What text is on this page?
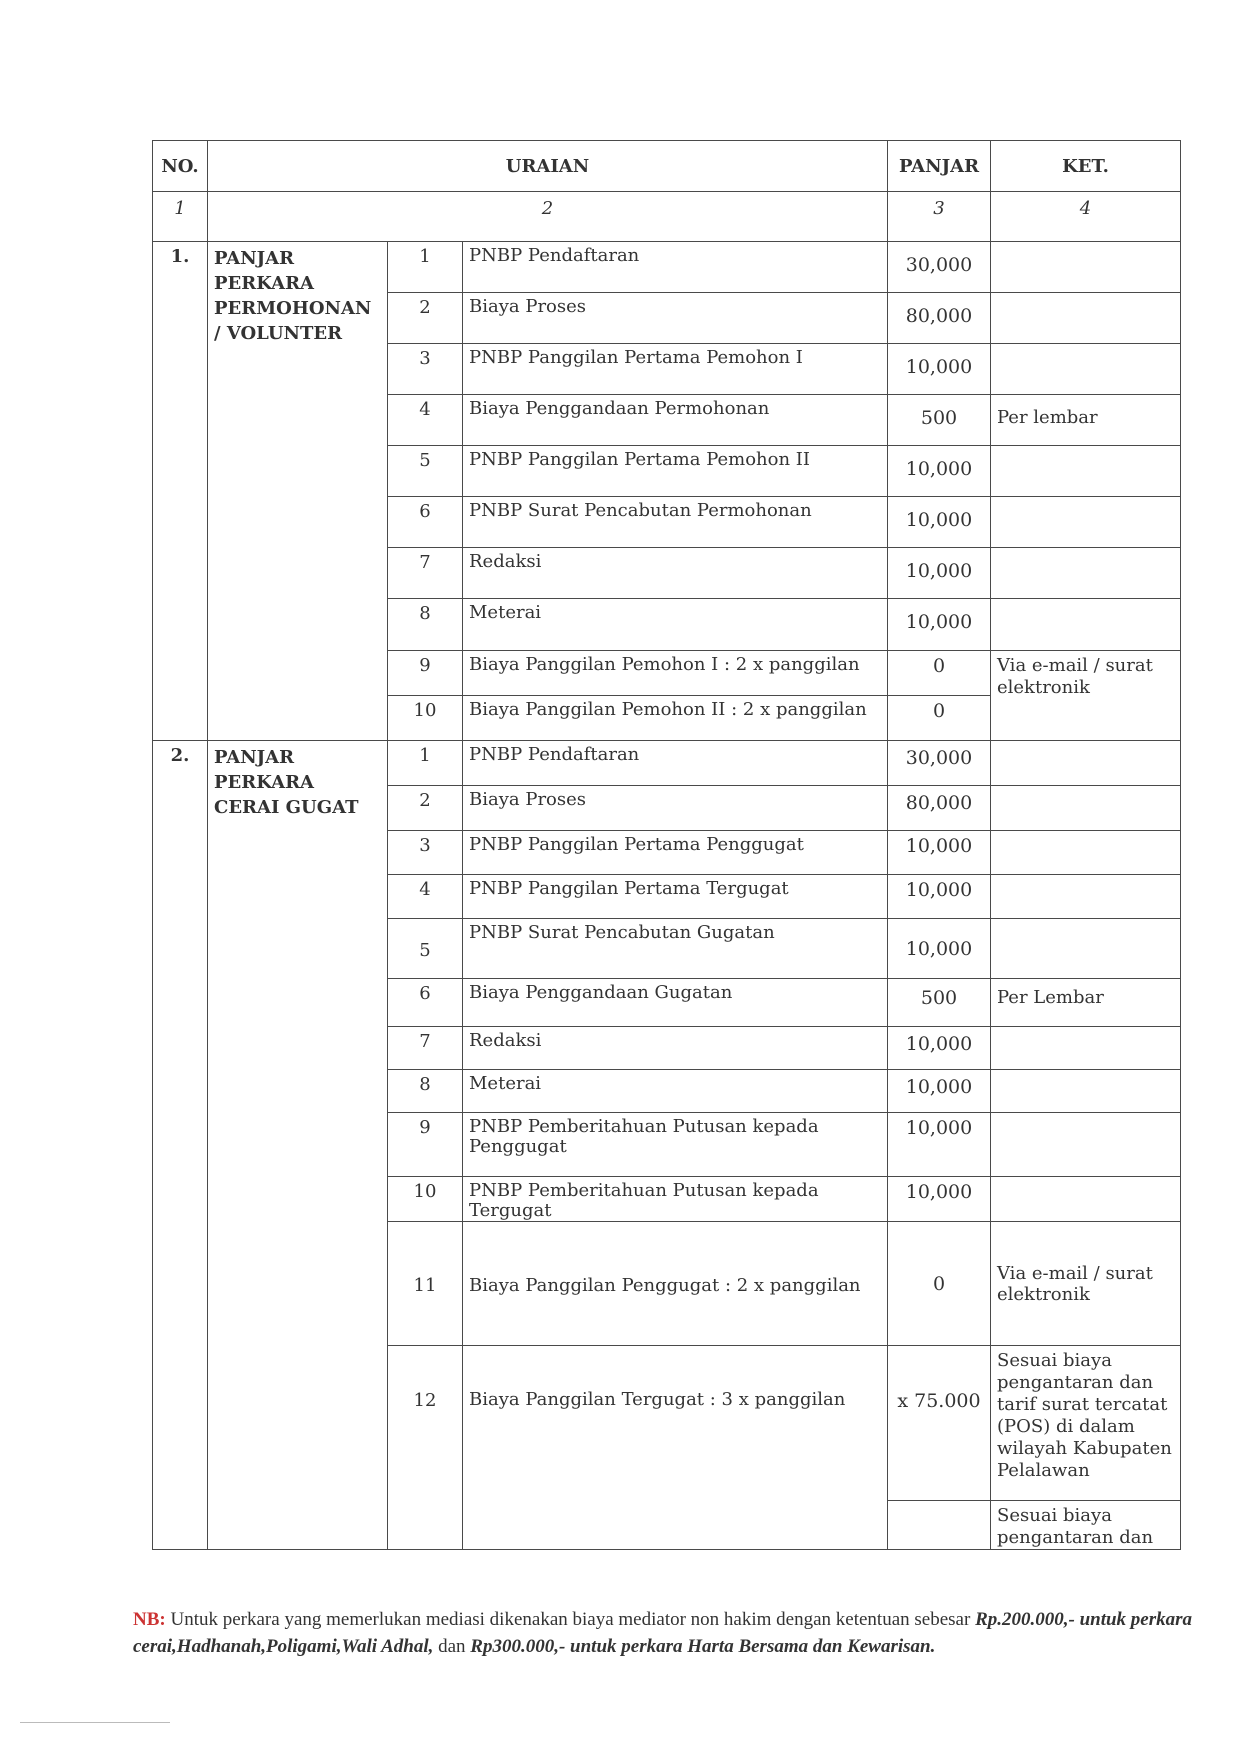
NO.	URAIAN			PANJAR	KET.
1	2			3	4
1.	PANJAR PERKARA PERMOHONAN / VOLUNTER	1	PNBP Pendaftaran	30,000	
		2	Biaya Proses	80,000	
		3	PNBP Panggilan Pertama Pemohon I	10,000	
		4	Biaya Penggandaan Permohonan	500	Per lembar
		5	PNBP Panggilan Pertama Pemohon II	10,000	
		6	PNBP Surat Pencabutan Permohonan	10,000	
		7	Redaksi	10,000	
		8	Meterai	10,000	
		9	Biaya Panggilan Pemohon I : 2 x panggilan	0	Via e-mail / surat elektronik
		10	Biaya Panggilan Pemohon II : 2 x panggilan	0	
2.	PANJAR PERKARA CERAI GUGAT	1	PNBP Pendaftaran	30,000	
		2	Biaya Proses	80,000	
		3	PNBP Panggilan Pertama Penggugat	10,000	
		4	PNBP Panggilan Pertama Tergugat	10,000	
		5	PNBP Surat Pencabutan Gugatan	10,000	
		6	Biaya Penggandaan Gugatan	500	Per Lembar
		7	Redaksi	10,000	
		8	Meterai	10,000	
		9	PNBP Pemberitahuan Putusan kepada Penggugat	10,000	
		10	PNBP Pemberitahuan Putusan kepada Tergugat	10,000	
		11	Biaya Panggilan Penggugat : 2 x panggilan	0	Via e-mail / surat elektronik
		12	Biaya Panggilan Tergugat : 3 x panggilan	x 75.000	Sesuai biaya pengantaran dan tarif surat tercatat (POS) di dalam wilayah Kabupaten Pelalawan
					Sesuai biaya pengantaran dan
NB: Untuk perkara yang memerlukan mediasi dikenakan biaya mediator non hakim dengan ketentuan sebesar Rp.200.000,- untuk perkara cerai,Hadhanah,Poligami,Wali Adhal, dan Rp300.000,- untuk perkara Harta Bersama dan Kewarisan.
